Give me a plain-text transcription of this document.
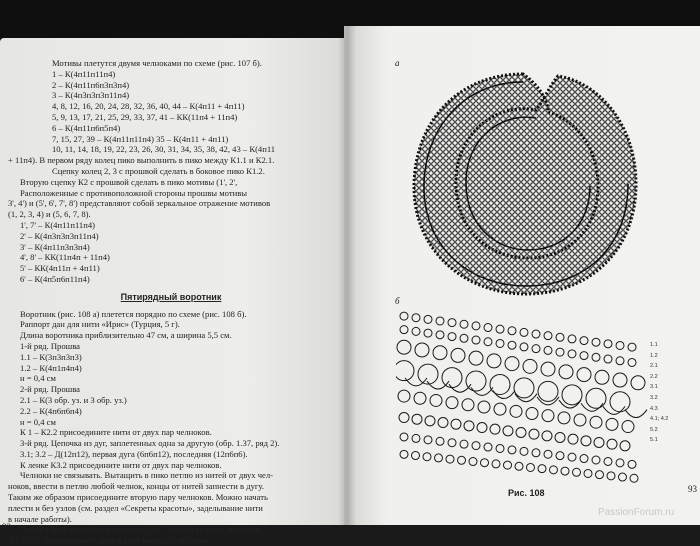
Мотивы плетутся двумя челноками по схеме (рис. 107 б).
1 – К(4п11п11п4)
2 – К(4п11п6п3п3п4)
3 – К(4п3п3п3п11п4)
4, 8, 12, 16, 20, 24, 28, 32, 36, 40, 44 – К(4п11 + 4п11)
5, 9, 13, 17, 21, 25, 29, 33, 37, 41 – КК(11п4 + 11п4)
6 – К(4п11п6п5п4)
7, 15, 27, 39 – К(4п11п11п4) 35 – К(4п11 + 4п11)
10, 11, 14, 18, 19, 22, 23, 26, 30, 31, 34, 35, 38, 42, 43 – К(4п11
+ 11п4). В первом ряду колец пико выполнить в пико между К1.1 и К2.1.
Сцепку колец 2, 3 с прошвой сделать в боковое пико К1.2.
Вторую сцепку К2 с прошвой сделать в пико мотивы (1', 2',
Расположенные с противоположной стороны прошвы мотивы
3', 4') и (5', 6', 7', 8') представляют собой зеркальное отражение мотивов
(1, 2, 3, 4) и (5, 6, 7, 8).
1', 7' – К(4п11п11п4)
2' – К(4п3п3п3п11п4)
3' – К(4п11п3п3п4)
4', 8' – КК(11п4п + 11п4)
5' – КК(4п11п + 4п11)
6' – К(4п5п6п11п4)
Пятирядный воротник
Воротник (рис. 108 а) плетется порядно по схеме (рис. 108 б).
Раппорт дан для нити «Ирис» (Турция, 5 г).
Длина воротника приблизительно 47 см, а ширина 5,5 см.
1-й ряд. Прошва
1.1 – К(3п3п3п3)
1.2 – К(4п1п4п4)
н = 0,4 см
2-й ряд. Прошва
2.1 – К(3 обр. уз. и 3 обр. уз.)
2.2 – К(4п6п6п4)
н = 0,4 см
К 1 – К2.2 присоедините нити от двух пар челноков.
3-й ряд. Цепочка из дуг, заплетенных одна за другую (обр. 1.37, ряд 2).
3.1; 3.2 – Д(12п12), первая дуга (6п6п12), последняя (12п6п6).
К ленке К3.2 присоедините нити от двух пар челноков.
Челноки не связывать. Вытащить в пико петлю из нитей от двух чел-
ноков, ввести в петлю любой челнок, концы от нитей запнести в дугу.
Таким же образом присоедините вторую пару челноков. Можно начать
плести и без узлов (см. раздел «Секреты красоты», заделывание нити
в начале работы).
Одной парой челноков выполнить Д3.1, другой сплести половину
Д3.2(12). Присоедините дуги к ряду колец 2.2 по схеме.
92
а
б
1.1
1.2
2.1
2.2
3.1
3.2
4.3
4.1; 4.2
5.2
5.1
Рис. 108	93
PassionForum.ru
